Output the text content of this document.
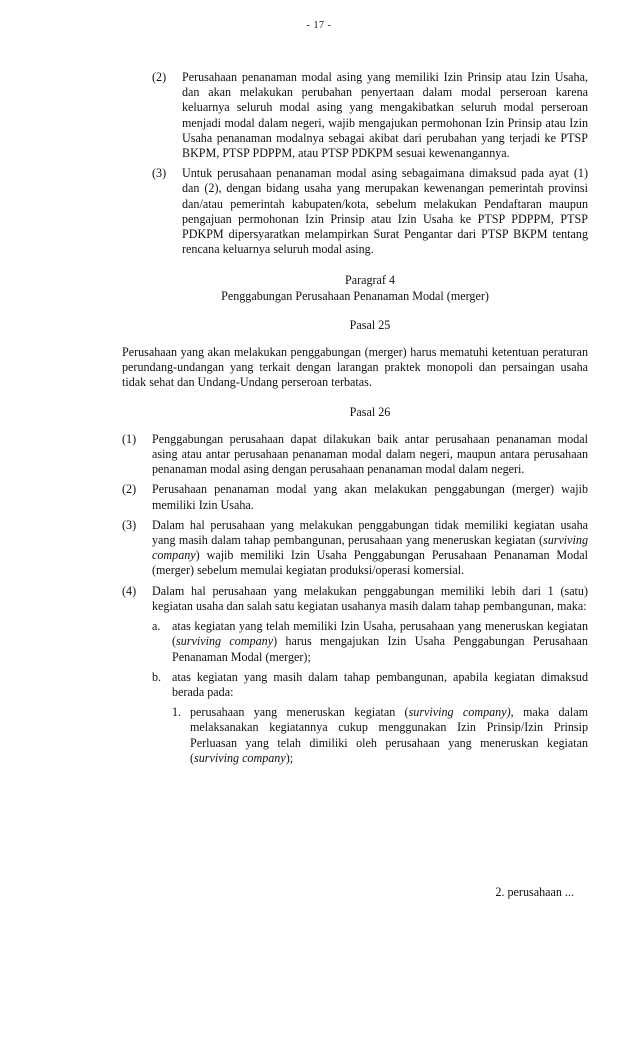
- 17 -
(2)	Perusahaan penanaman modal asing yang memiliki Izin Prinsip atau Izin Usaha, dan akan melakukan perubahan penyertaan dalam modal perseroan karena keluarnya seluruh modal asing yang mengakibatkan seluruh modal perseroan menjadi modal dalam negeri, wajib mengajukan permohonan Izin Prinsip atau Izin Usaha penanaman modalnya sebagai akibat dari perubahan yang terjadi ke PTSP BKPM, PTSP PDPPM, atau PTSP PDKPM sesuai kewenangannya.
(3)	Untuk perusahaan penanaman modal asing sebagaimana dimaksud pada ayat (1) dan (2), dengan bidang usaha yang merupakan kewenangan pemerintah provinsi dan/atau pemerintah kabupaten/kota, sebelum melakukan Pendaftaran maupun pengajuan permohonan Izin Prinsip atau Izin Usaha ke PTSP PDPPM, PTSP PDKPM dipersyaratkan melampirkan Surat Pengantar dari PTSP BKPM tentang rencana keluarnya seluruh modal asing.
Paragraf 4
Penggabungan Perusahaan Penanaman Modal (merger)
Pasal 25
Perusahaan yang akan melakukan penggabungan (merger) harus mematuhi ketentuan peraturan perundang-undangan yang terkait dengan larangan praktek monopoli dan persaingan usaha tidak sehat dan Undang-Undang perseroan terbatas.
Pasal 26
(1)	Penggabungan perusahaan dapat dilakukan baik antar perusahaan penanaman modal asing atau antar perusahaan penanaman modal dalam negeri, maupun antara perusahaan penanaman modal asing dengan perusahaan penanaman modal dalam negeri.
(2)	Perusahaan penanaman modal yang akan melakukan penggabungan (merger) wajib memiliki Izin Usaha.
(3)	Dalam hal perusahaan yang melakukan penggabungan tidak memiliki kegiatan usaha yang masih dalam tahap pembangunan, perusahaan yang meneruskan kegiatan (surviving company) wajib memiliki Izin Usaha Penggabungan Perusahaan Penanaman Modal (merger) sebelum memulai kegiatan produksi/operasi komersial.
(4)	Dalam hal perusahaan yang melakukan penggabungan memiliki lebih dari 1 (satu) kegiatan usaha dan salah satu kegiatan usahanya masih dalam tahap pembangunan, maka:
a. atas kegiatan yang telah memiliki Izin Usaha, perusahaan yang meneruskan kegiatan (surviving company) harus mengajukan Izin Usaha Penggabungan Perusahaan Penanaman Modal (merger);
b. atas kegiatan yang masih dalam tahap pembangunan, apabila kegiatan dimaksud berada pada:
1. perusahaan yang meneruskan kegiatan (surviving company), maka dalam melaksanakan kegiatannya cukup menggunakan Izin Prinsip/Izin Prinsip Perluasan yang telah dimiliki oleh perusahaan yang meneruskan kegiatan (surviving company);
2. perusahaan ...
